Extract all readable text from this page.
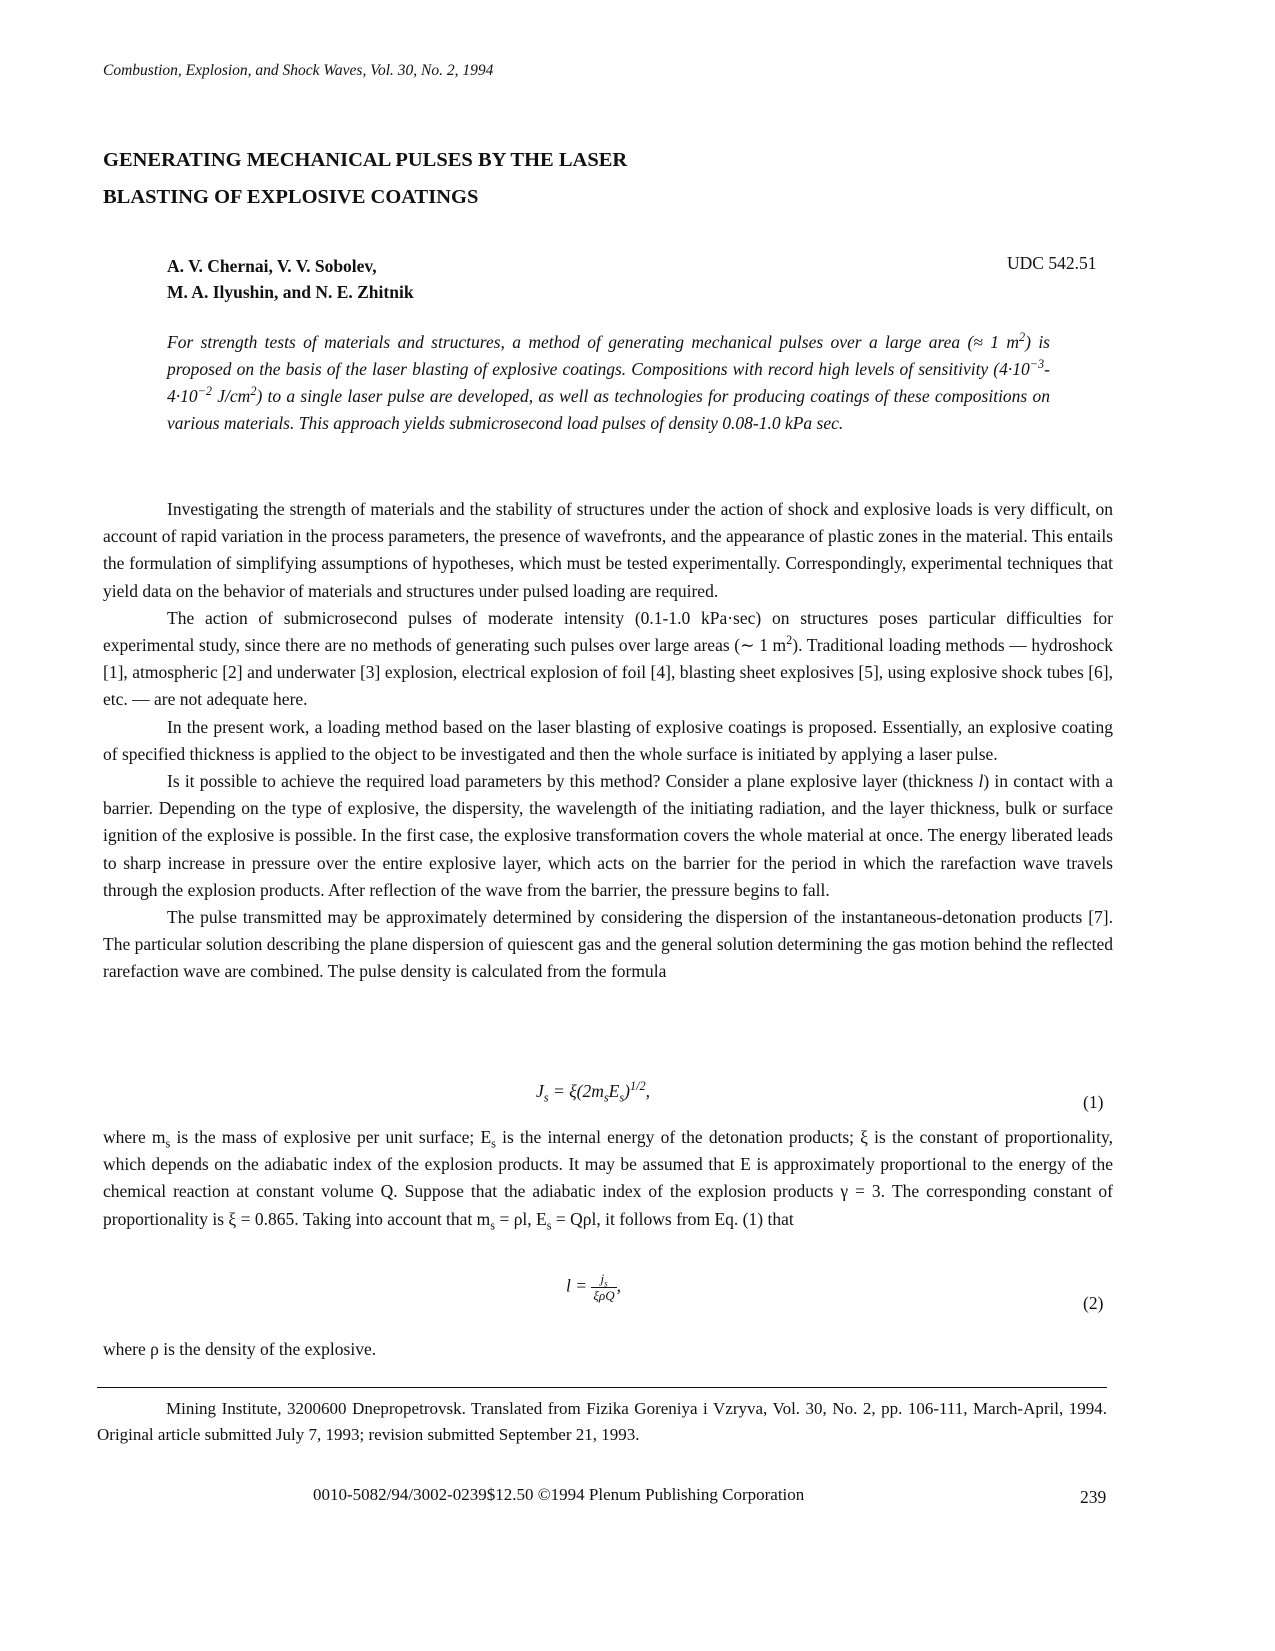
Combustion, Explosion, and Shock Waves, Vol. 30, No. 2, 1994
GENERATING MECHANICAL PULSES BY THE LASER
BLASTING OF EXPLOSIVE COATINGS
A. V. Chernai, V. V. Sobolev,
M. A. Ilyushin, and N. E. Zhitnik
UDC 542.51

For strength tests of materials and structures, a method of generating mechanical pulses over a large area (≈ 1 $m^2$) is proposed on the basis of the laser blasting of explosive coatings. Compositions with record high levels of sensitivity ($4\cdot 10^{-3}-4\cdot 10^{-2}$ $J/cm^2$) to a single laser pulse are developed, as well as technologies for producing coatings of these compositions on various materials. This approach yields submicrosecond load pulses of density 0.08-1.0 kPa sec.

Investigating the strength of materials and the stability of structures under the action of shock and explosive loads is very difficult, on account of rapid variation in the process parameters, the presence of wavefronts, and the appearance of plastic zones in the material. This entails the formulation of simplifying assumptions of hypotheses, which must be tested experimentally. Correspondingly, experimental techniques that yield data on the behavior of materials and structures under pulsed loading are required.

The action of submicrosecond pulses of moderate intensity (0.1-1.0 kPa·sec) on structures poses particular difficulties for experimental study, since there are no methods of generating such pulses over large areas (∼ 1 $m^2$). Traditional loading methods — hydroshock [1], atmospheric [2] and underwater [3] explosion, electrical explosion of foil [4], blasting sheet explosives [5], using explosive shock tubes [6], etc. — are not adequate here.

In the present work, a loading method based on the laser blasting of explosive coatings is proposed. Essentially, an explosive coating of specified thickness is applied to the object to be investigated and then the whole surface is initiated by applying a laser pulse.

Is it possible to achieve the required load parameters by this method? Consider a plane explosive layer (thickness l) in contact with a barrier. Depending on the type of explosive, the dispersity, the wavelength of the initiating radiation, and the layer thickness, bulk or surface ignition of the explosive is possible. In the first case, the explosive transformation covers the whole material at once. The energy liberated leads to sharp increase in pressure over the entire explosive layer, which acts on the barrier for the period in which the rarefaction wave travels through the explosion products. After reflection of the wave from the barrier, the pressure begins to fall.

The pulse transmitted may be approximately determined by considering the dispersion of the instantaneous-detonation products [7]. The particular solution describing the plane dispersion of quiescent gas and the general solution determining the gas motion behind the reflected rarefaction wave are combined. The pulse density is calculated from the formula

$J_s = \xi(2m_sE_s)^{1/2}$,
(1)

where $m_s$ is the mass of explosive per unit surface; $E_s$ is the internal energy of the detonation products; ξ is the constant of proportionality, which depends on the adiabatic index of the explosion products. It may be assumed that E is approximately proportional to the energy of the chemical reaction at constant volume Q. Suppose that the adiabatic index of the explosion products γ = 3. The corresponding constant of proportionality is ξ = 0.865. Taking into account that $m_s = \rho l$, $E_s = Q\rho l$, it follows from Eq. (1) that

$l = \frac{j_s}{\text{ξρQ}}$ ,
(2)

where ρ is the density of the explosive.

Mining Institute, 3200600 Dnepropetrovsk. Translated from Fizika Goreniya i Vzryva, Vol. 30, No. 2, pp. 106-111, March-April, 1994. Original article submitted July 7, 1993; revision submitted September 21, 1993.

0010-5082/94/3002-0239$12.50 ©1994 Plenum Publishing Corporation	239
